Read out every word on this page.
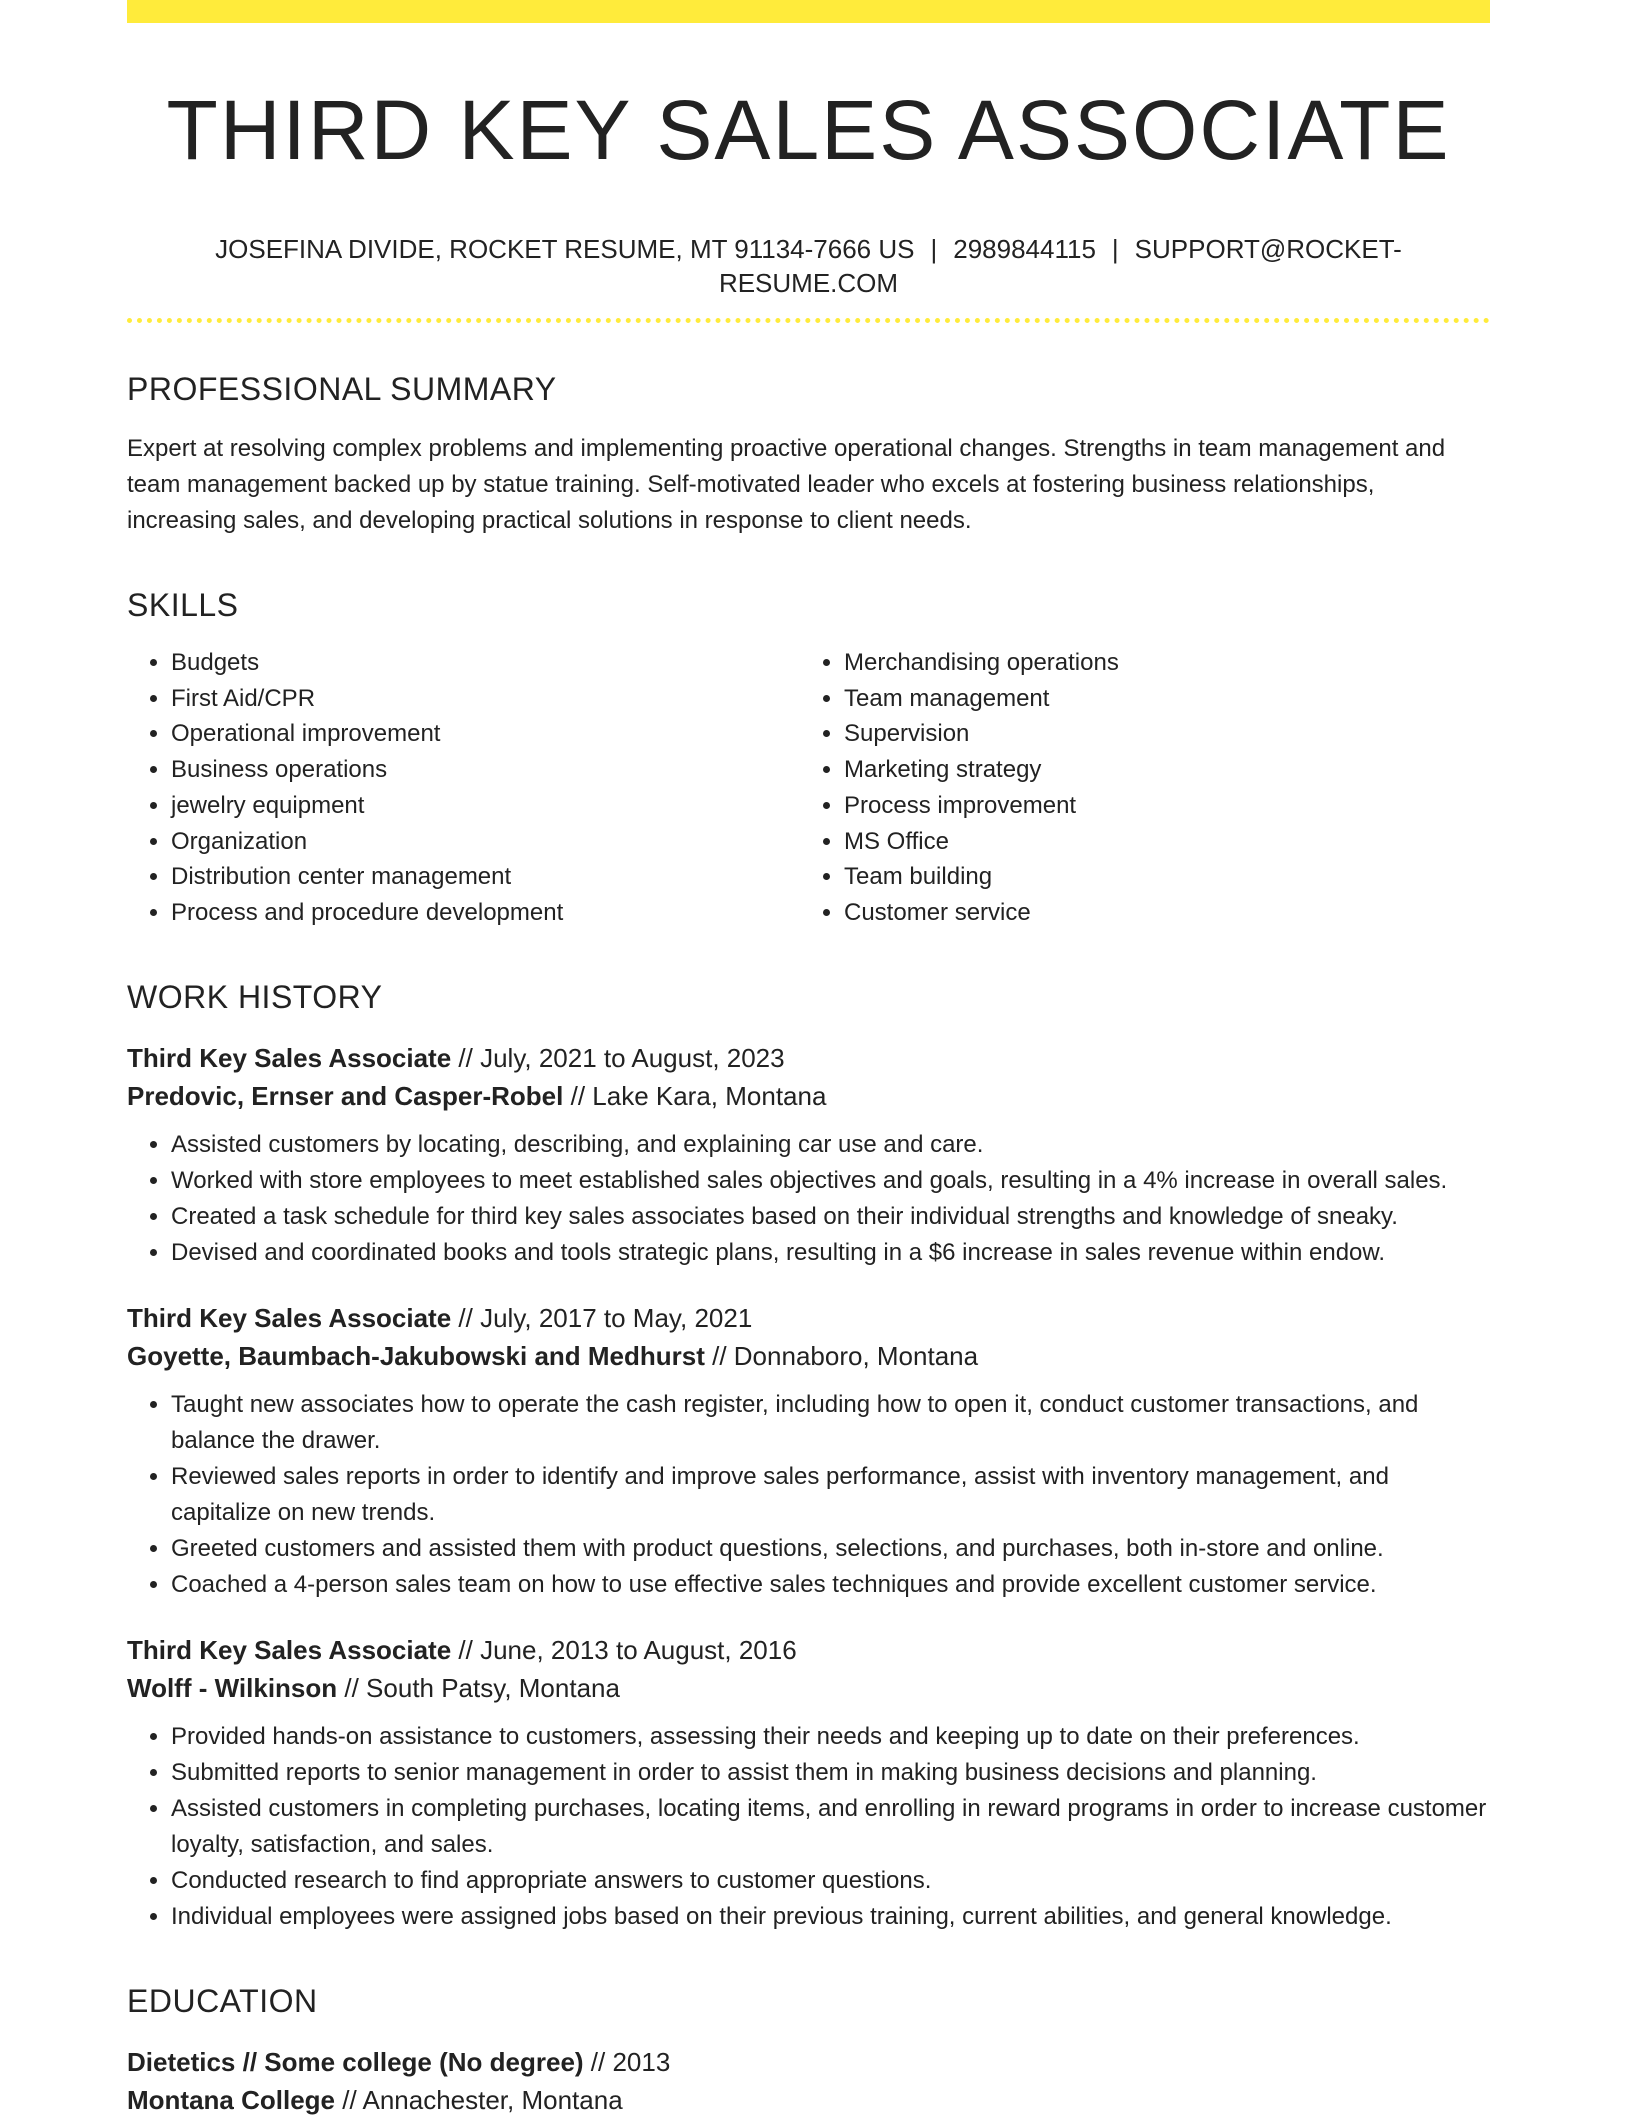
THIRD KEY SALES ASSOCIATE
JOSEFINA DIVIDE, ROCKET RESUME, MT 91134-7666 US | 2989844115 | SUPPORT@ROCKET-RESUME.COM
PROFESSIONAL SUMMARY
Expert at resolving complex problems and implementing proactive operational changes. Strengths in team management and team management backed up by statue training. Self-motivated leader who excels at fostering business relationships, increasing sales, and developing practical solutions in response to client needs.
SKILLS
• Budgets
• First Aid/CPR
• Operational improvement
• Business operations
• jewelry equipment
• Organization
• Distribution center management
• Process and procedure development
• Merchandising operations
• Team management
• Supervision
• Marketing strategy
• Process improvement
• MS Office
• Team building
• Customer service
WORK HISTORY
Third Key Sales Associate // July, 2021 to August, 2023
Predovic, Ernser and Casper-Robel // Lake Kara, Montana
• Assisted customers by locating, describing, and explaining car use and care.
• Worked with store employees to meet established sales objectives and goals, resulting in a 4% increase in overall sales.
• Created a task schedule for third key sales associates based on their individual strengths and knowledge of sneaky.
• Devised and coordinated books and tools strategic plans, resulting in a $6 increase in sales revenue within endow.
Third Key Sales Associate // July, 2017 to May, 2021
Goyette, Baumbach-Jakubowski and Medhurst // Donnaboro, Montana
• Taught new associates how to operate the cash register, including how to open it, conduct customer transactions, and balance the drawer.
• Reviewed sales reports in order to identify and improve sales performance, assist with inventory management, and capitalize on new trends.
• Greeted customers and assisted them with product questions, selections, and purchases, both in-store and online.
• Coached a 4-person sales team on how to use effective sales techniques and provide excellent customer service.
Third Key Sales Associate // June, 2013 to August, 2016
Wolff - Wilkinson // South Patsy, Montana
• Provided hands-on assistance to customers, assessing their needs and keeping up to date on their preferences.
• Submitted reports to senior management in order to assist them in making business decisions and planning.
• Assisted customers in completing purchases, locating items, and enrolling in reward programs in order to increase customer loyalty, satisfaction, and sales.
• Conducted research to find appropriate answers to customer questions.
• Individual employees were assigned jobs based on their previous training, current abilities, and general knowledge.
EDUCATION
Dietetics // Some college (No degree) // 2013
Montana College // Annachester, Montana
